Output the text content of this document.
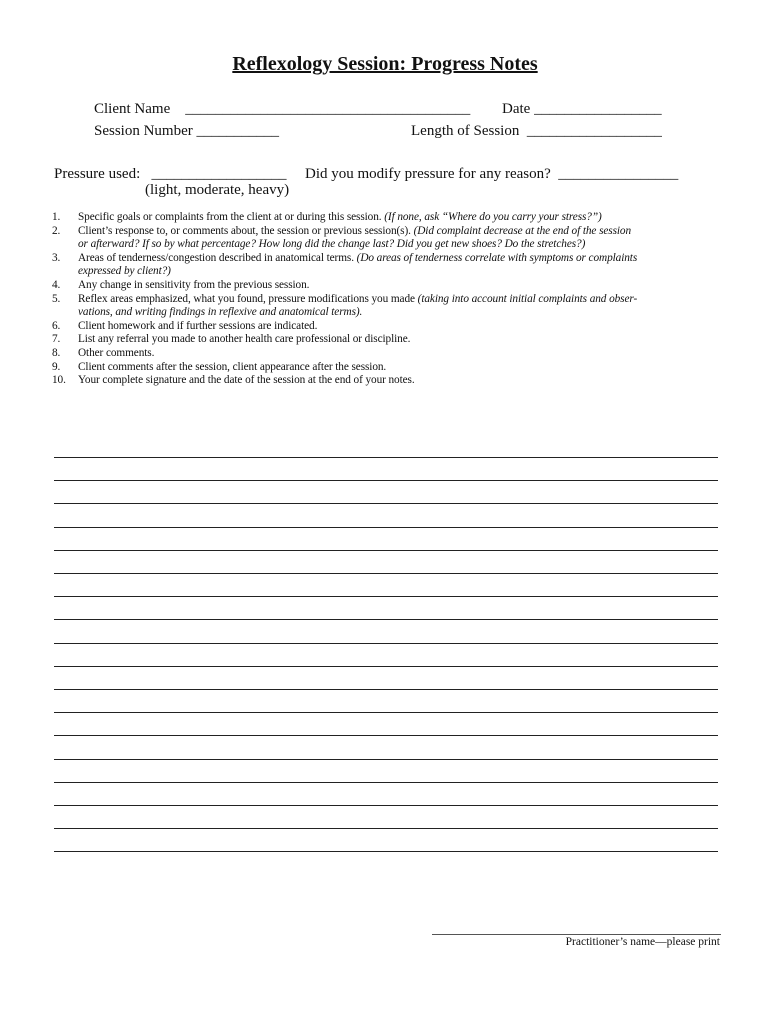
Reflexology Session: Progress Notes
Client Name ______________________________________ Date _________________
Session Number ___________	Length of Session __________________
Pressure used: __________________
(light, moderate, heavy)
Did you modify pressure for any reason? ________________
1.	Specific goals or complaints from the client at or during this session. (If none, ask “Where do you carry your stress?”)
2.	Client’s response to, or comments about, the session or previous session(s). (Did complaint decrease at the end of the session
or afterward? If so by what percentage? How long did the change last? Did you get new shoes? Do the stretches?)
3.	Areas of tenderness/congestion described in anatomical terms. (Do areas of tenderness correlate with symptoms or complaints
expressed by client?)
4.	Any change in sensitivity from the previous session.
5.	Reflex areas emphasized, what you found, pressure modifications you made (taking into account initial complaints and obser-
vations, and writing findings in reflexive and anatomical terms).
6.	Client homework and if further sessions are indicated.
7.	List any referral you made to another health care professional or discipline.
8.	Other comments.
9.	Client comments after the session, client appearance after the session.
10.	Your complete signature and the date of the session at the end of your notes.
Practitioner’s name—please print
